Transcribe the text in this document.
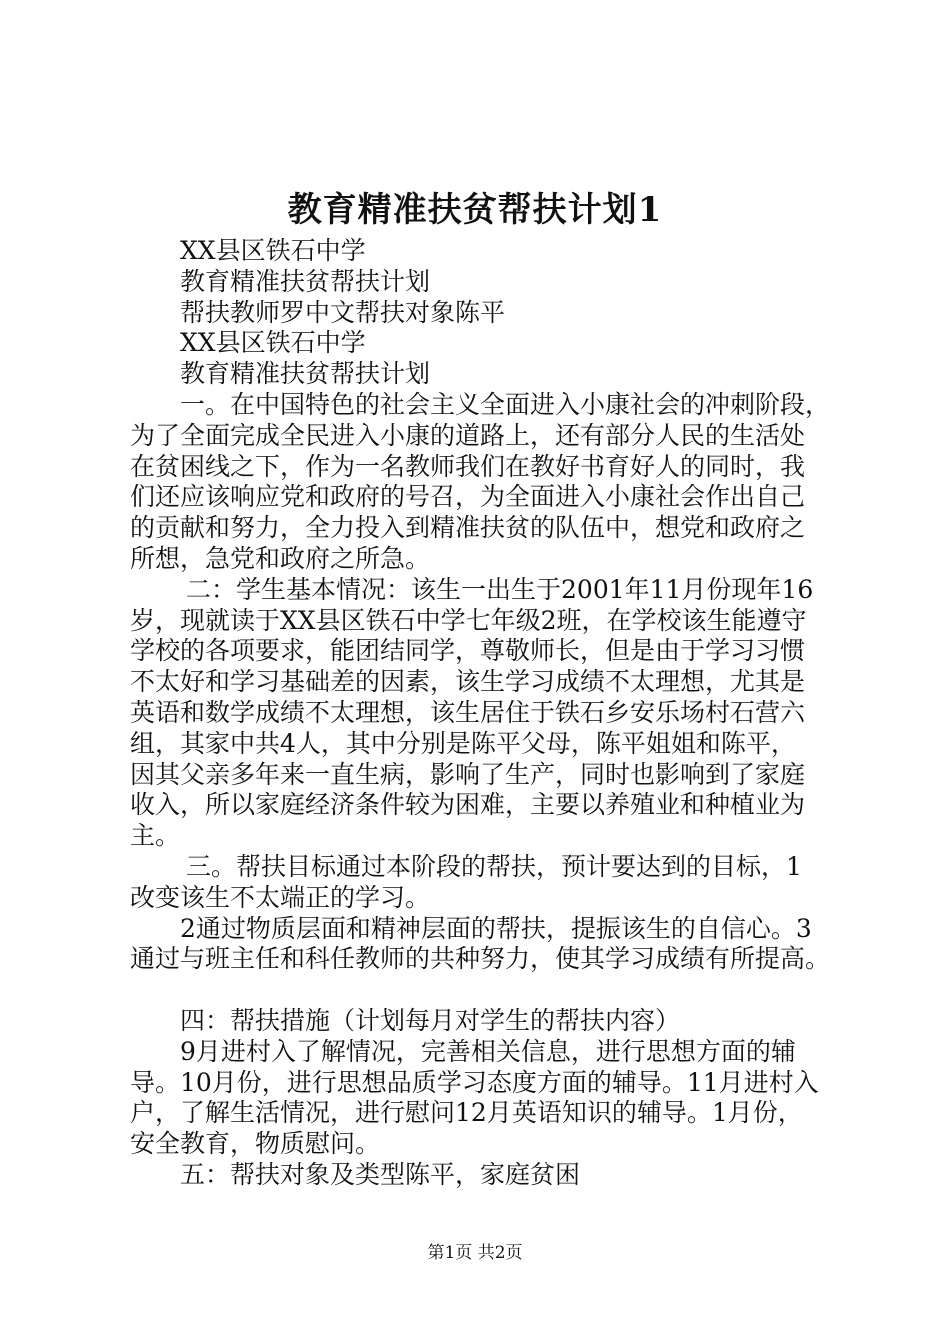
教育精准扶贫帮扶计划1
XX县区铁石中学
教育精准扶贫帮扶计划
帮扶教师罗中文帮扶对象陈平
XX县区铁石中学
教育精准扶贫帮扶计划
一。在中国特色的社会主义全面进入小康社会的冲刺阶段，
为了全面完成全民进入小康的道路上，还有部分人民的生活处
在贫困线之下，作为一名教师我们在教好书育好人的同时，我
们还应该响应党和政府的号召，为全面进入小康社会作出自己
的贡献和努力，全力投入到精准扶贫的队伍中，想党和政府之
所想，急党和政府之所急。
二：学生基本情况：该生一出生于2001年11月份现年16
岁，现就读于XX县区铁石中学七年级2班，在学校该生能遵守
学校的各项要求，能团结同学，尊敬师长，但是由于学习习惯
不太好和学习基础差的因素，该生学习成绩不太理想，尤其是
英语和数学成绩不太理想，该生居住于铁石乡安乐场村石营六
组，其家中共4人，其中分别是陈平父母，陈平姐姐和陈平，
因其父亲多年来一直生病，影响了生产，同时也影响到了家庭
收入，所以家庭经济条件较为困难，主要以养殖业和种植业为
主。
三。帮扶目标通过本阶段的帮扶，预计要达到的目标，1
改变该生不太端正的学习。
2通过物质层面和精神层面的帮扶，提振该生的自信心。3
通过与班主任和科任教师的共种努力，使其学习成绩有所提高。
四：帮扶措施（计划每月对学生的帮扶内容）
9月进村入了解情况，完善相关信息，进行思想方面的辅
导。10月份，进行思想品质学习态度方面的辅导。11月进村入
户，了解生活情况，进行慰问12月英语知识的辅导。1月份，
安全教育，物质慰问。
五：帮扶对象及类型陈平，家庭贫困
第1页 共2页
